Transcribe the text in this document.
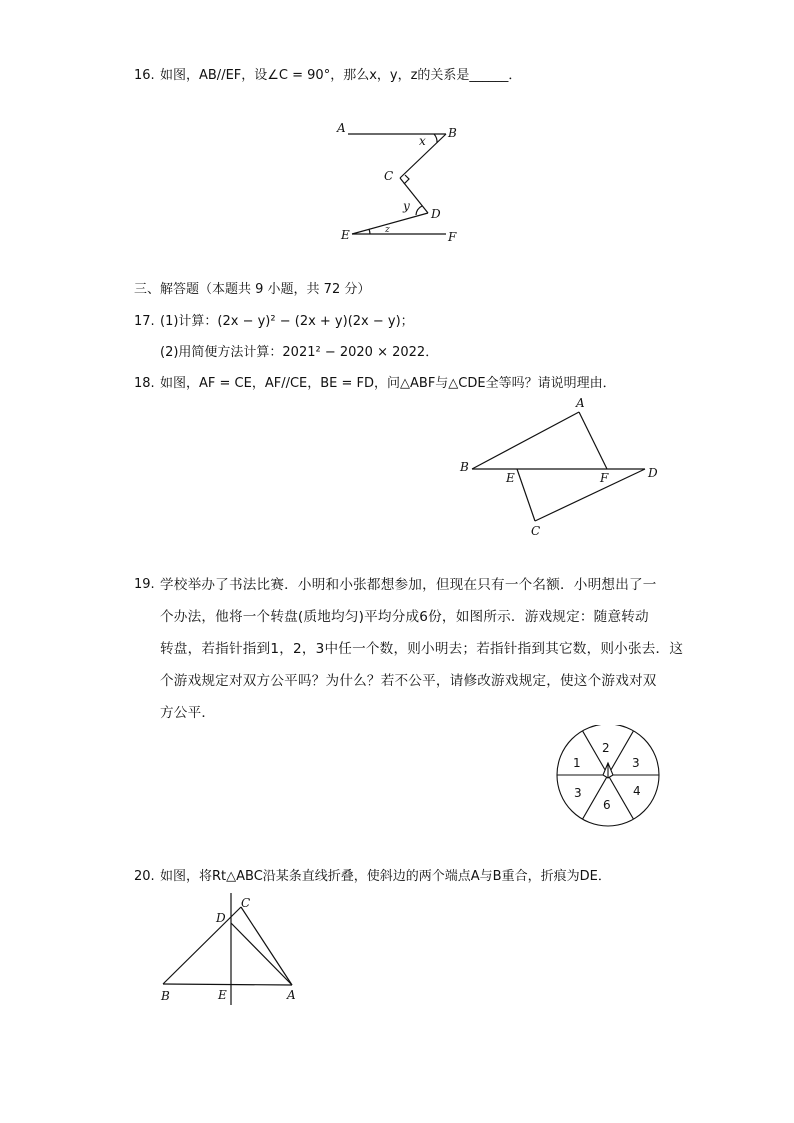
16. 如图，AB//EF，设∠C = 90°，那么x，y，z的关系是______．
A	B
x
C
y
D
E	z	F
三、解答题（本题共 9 小题，共 72 分）
17. (1)计算：(2x − y)² − (2x + y)(2x − y)；
(2)用简便方法计算：2021² − 2020 × 2022．
18. 如图，AF = CE，AF//CE，BE = FD，问△ABF与△CDE全等吗？请说明理由．
A
B
E	F	D
C
19. 学校举办了书法比赛．小明和小张都想参加，但现在只有一个名额．小明想出了一
个办法，他将一个转盘(质地均匀)平均分成6份，如图所示．游戏规定：随意转动
转盘，若指针指到1，2，3中任一个数，则小明去；若指针指到其它数，则小张去．这
个游戏规定对双方公平吗？为什么？若不公平，请修改游戏规定，使这个游戏对双
方公平．
1
2
3
4
6
3
20. 如图，将Rt△ABC沿某条直线折叠，使斜边的两个端点A与B重合，折痕为DE．
C
D
B	E	A
